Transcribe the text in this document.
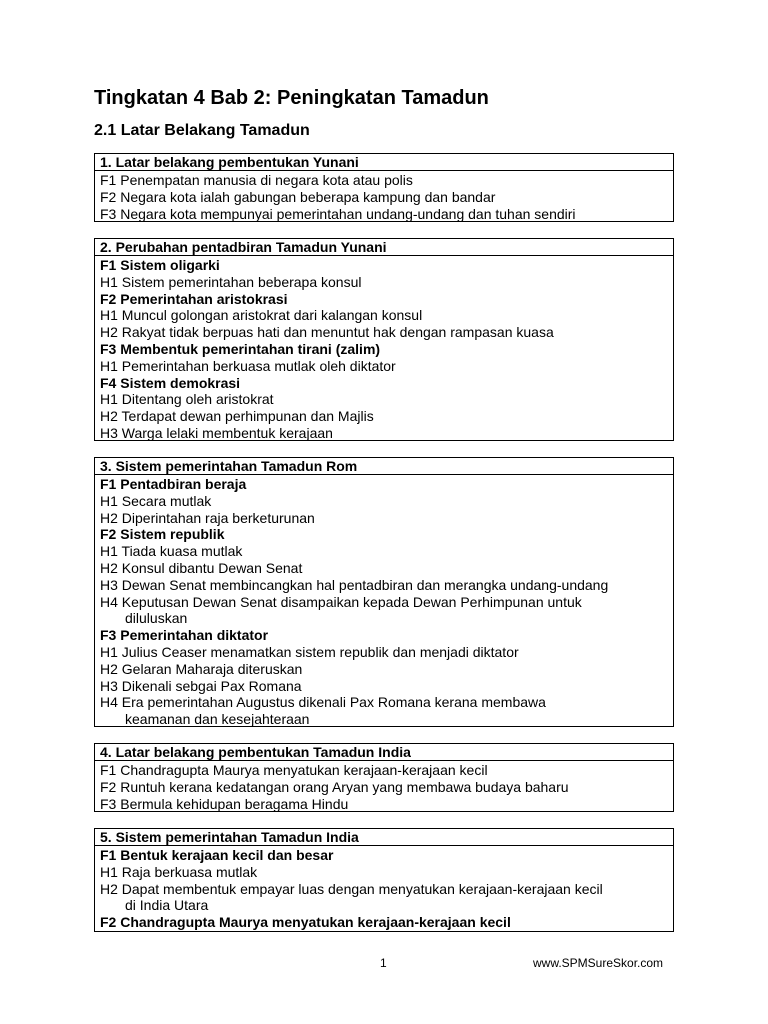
Tingkatan 4 Bab 2: Peningkatan Tamadun
2.1 Latar Belakang Tamadun
1. Latar belakang pembentukan Yunani
F1 Penempatan manusia di negara kota atau polis
F2 Negara kota ialah gabungan beberapa kampung dan bandar
F3 Negara kota mempunyai pemerintahan undang-undang dan tuhan sendiri
2. Perubahan pentadbiran Tamadun Yunani
F1 Sistem oligarki
H1 Sistem pemerintahan beberapa konsul
F2 Pemerintahan aristokrasi
H1 Muncul golongan aristokrat dari kalangan konsul
H2 Rakyat tidak berpuas hati dan menuntut hak dengan rampasan kuasa
F3 Membentuk pemerintahan tirani (zalim)
H1 Pemerintahan berkuasa mutlak oleh diktator
F4 Sistem demokrasi
H1 Ditentang oleh aristokrat
H2 Terdapat dewan perhimpunan dan Majlis
H3 Warga lelaki membentuk kerajaan
3. Sistem pemerintahan Tamadun Rom
F1 Pentadbiran beraja
H1 Secara mutlak
H2 Diperintahan raja berketurunan
F2 Sistem republik
H1 Tiada kuasa mutlak
H2 Konsul dibantu Dewan Senat
H3 Dewan Senat membincangkan hal pentadbiran dan merangka undang-undang
H4 Keputusan Dewan Senat disampaikan kepada Dewan Perhimpunan untuk
diluluskan
F3 Pemerintahan diktator
H1 Julius Ceaser menamatkan sistem republik dan menjadi diktator
H2 Gelaran Maharaja diteruskan
H3 Dikenali sebgai Pax Romana
H4 Era pemerintahan Augustus dikenali Pax Romana kerana membawa
keamanan dan kesejahteraan
4. Latar belakang pembentukan Tamadun India
F1 Chandragupta Maurya menyatukan kerajaan-kerajaan kecil
F2 Runtuh kerana kedatangan orang Aryan yang membawa budaya baharu
F3 Bermula kehidupan beragama Hindu
5. Sistem pemerintahan Tamadun India
F1 Bentuk kerajaan kecil dan besar
H1 Raja berkuasa mutlak
H2 Dapat membentuk empayar luas dengan menyatukan kerajaan-kerajaan kecil
di India Utara
F2 Chandragupta Maurya menyatukan kerajaan-kerajaan kecil
1	www.SPMSureSkor.com
